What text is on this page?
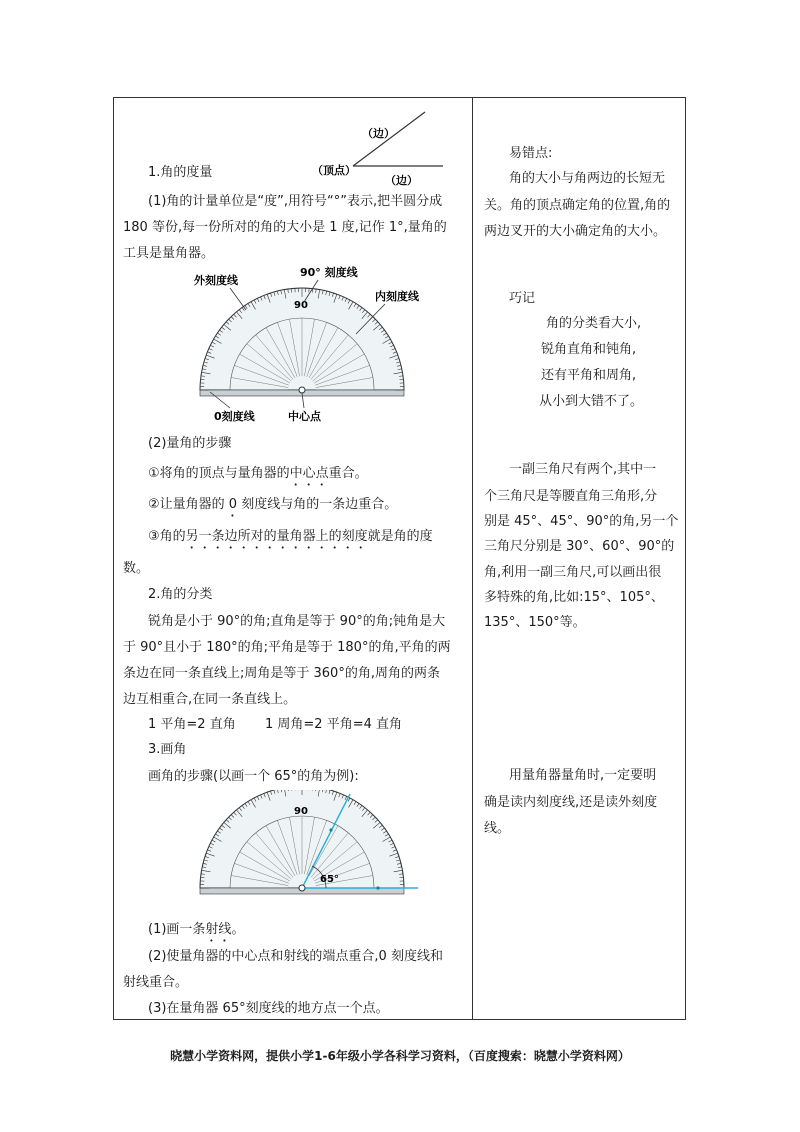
（边）
（顶点）
（边）
1.角的度量
(1)角的计量单位是“度”,用符号“°”表示,把半圆分成
180 等份,每一份所对的角的大小是 1 度,记作 1°,量角的
工具是量角器。
90
外刻度线
90° 刻度线
内刻度线
0刻度线	中心点
(2)量角的步骤
①将角的顶点与量角器的中心点重合。
②让量角器的 0 刻度线与角的一条边重合。
③角的另一条边所对的量角器上的刻度就是角的度
数。
2.角的分类
锐角是小于 90°的角;直角是等于 90°的角;钝角是大
于 90°且小于 180°的角;平角是等于 180°的角,平角的两
条边在同一条直线上;周角是等于 360°的角,周角的两条
边互相重合,在同一条直线上。
1 平角=2 直角 1 周角=2 平角=4 直角
3.画角
画角的步骤(以画一个 65°的角为例):
90
65°
(1)画一条射线。
(2)使量角器的中心点和射线的端点重合,0 刻度线和
射线重合。
(3)在量角器 65°刻度线的地方点一个点。
易错点:
角的大小与角两边的长短无
关。角的顶点确定角的位置,角的
两边叉开的大小确定角的大小。
巧记
角的分类看大小,
锐角直角和钝角,
还有平角和周角,
从小到大错不了。
一副三角尺有两个,其中一
个三角尺是等腰直角三角形,分
别是 45°、45°、90°的角,另一个
三角尺分别是 30°、60°、90°的
角,利用一副三角尺,可以画出很
多特殊的角,比如:15°、105°、
135°、150°等。
用量角器量角时,一定要明
确是读内刻度线,还是读外刻度
线。
晓慧小学资料网，提供小学1-6年级小学各科学习资料，（百度搜索：晓慧小学资料网）
